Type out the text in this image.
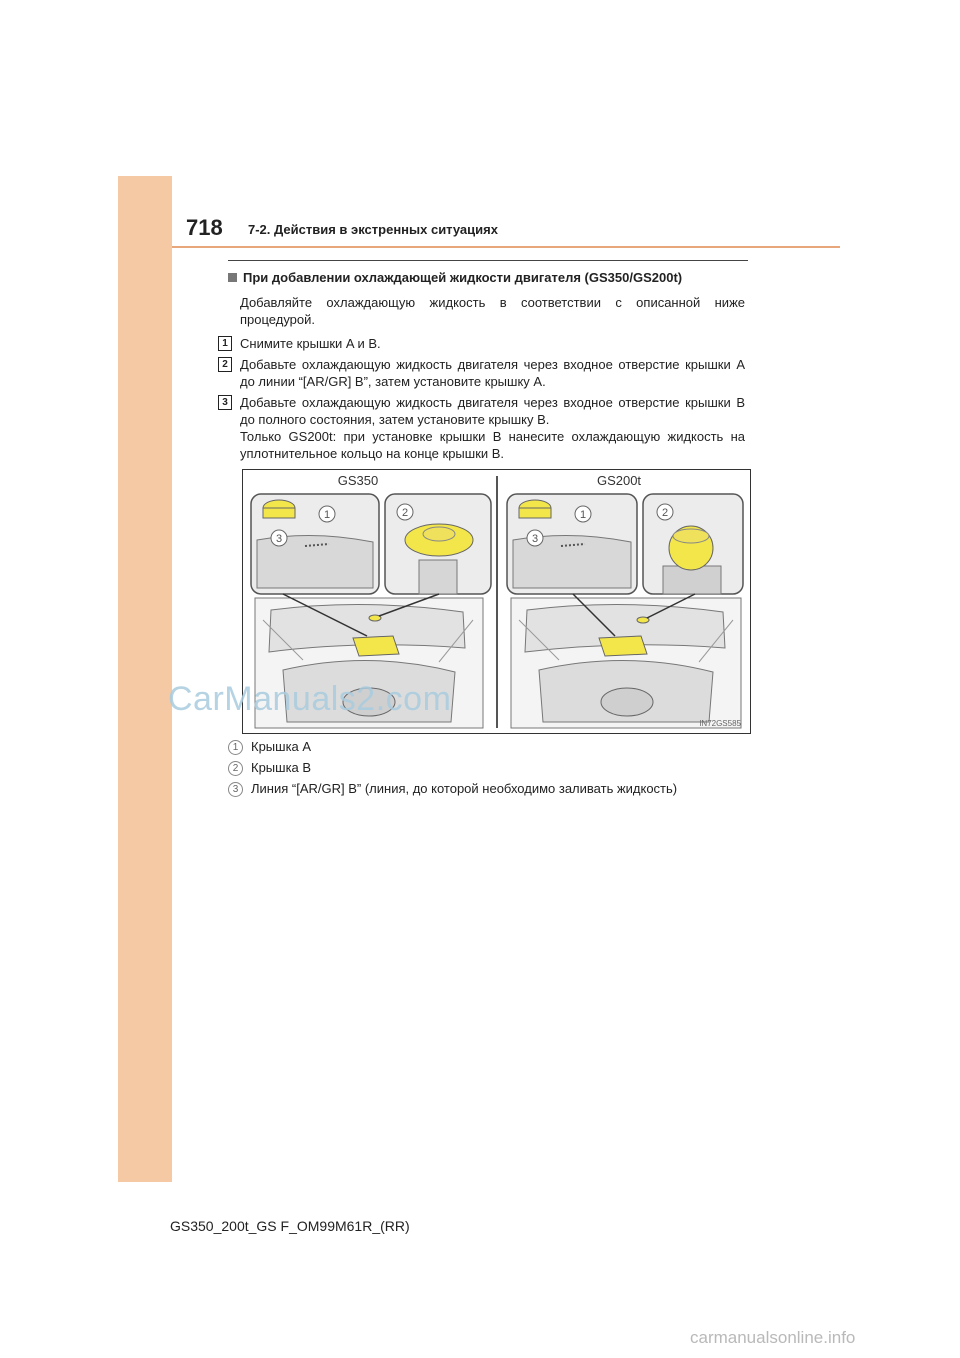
718 7-2. Действия в экстренных ситуациях
При добавлении охлаждающей жидкости двигателя (GS350/GS200t)
Добавляйте охлаждающую жидкость в соответствии с описанной ниже процедурой.
1 Снимите крышки A и B.

2 Добавьте охлаждающую жидкость двигателя через входное отверстие крышки A до линии “[AR/GR] B”, затем установите крышку A.

3 Добавьте охлаждающую жидкость двигателя через входное отверстие крышки B до полного состояния, затем установите крышку B.

Только GS200t: при установке крышки B нанесите охлаждающую жидкость на уплотнительное кольцо на конце крышки B.

GS350	GS200t
1
3
2	1
3
2
IN72GS585
1 Крышка A
2 Крышка B
3 Линия “[AR/GR] B” (линия, до которой необходимо заливать жидкость)
CarManuals2.com
GS350_200t_GS F_OM99M61R_(RR)
carmanualsonline.info
